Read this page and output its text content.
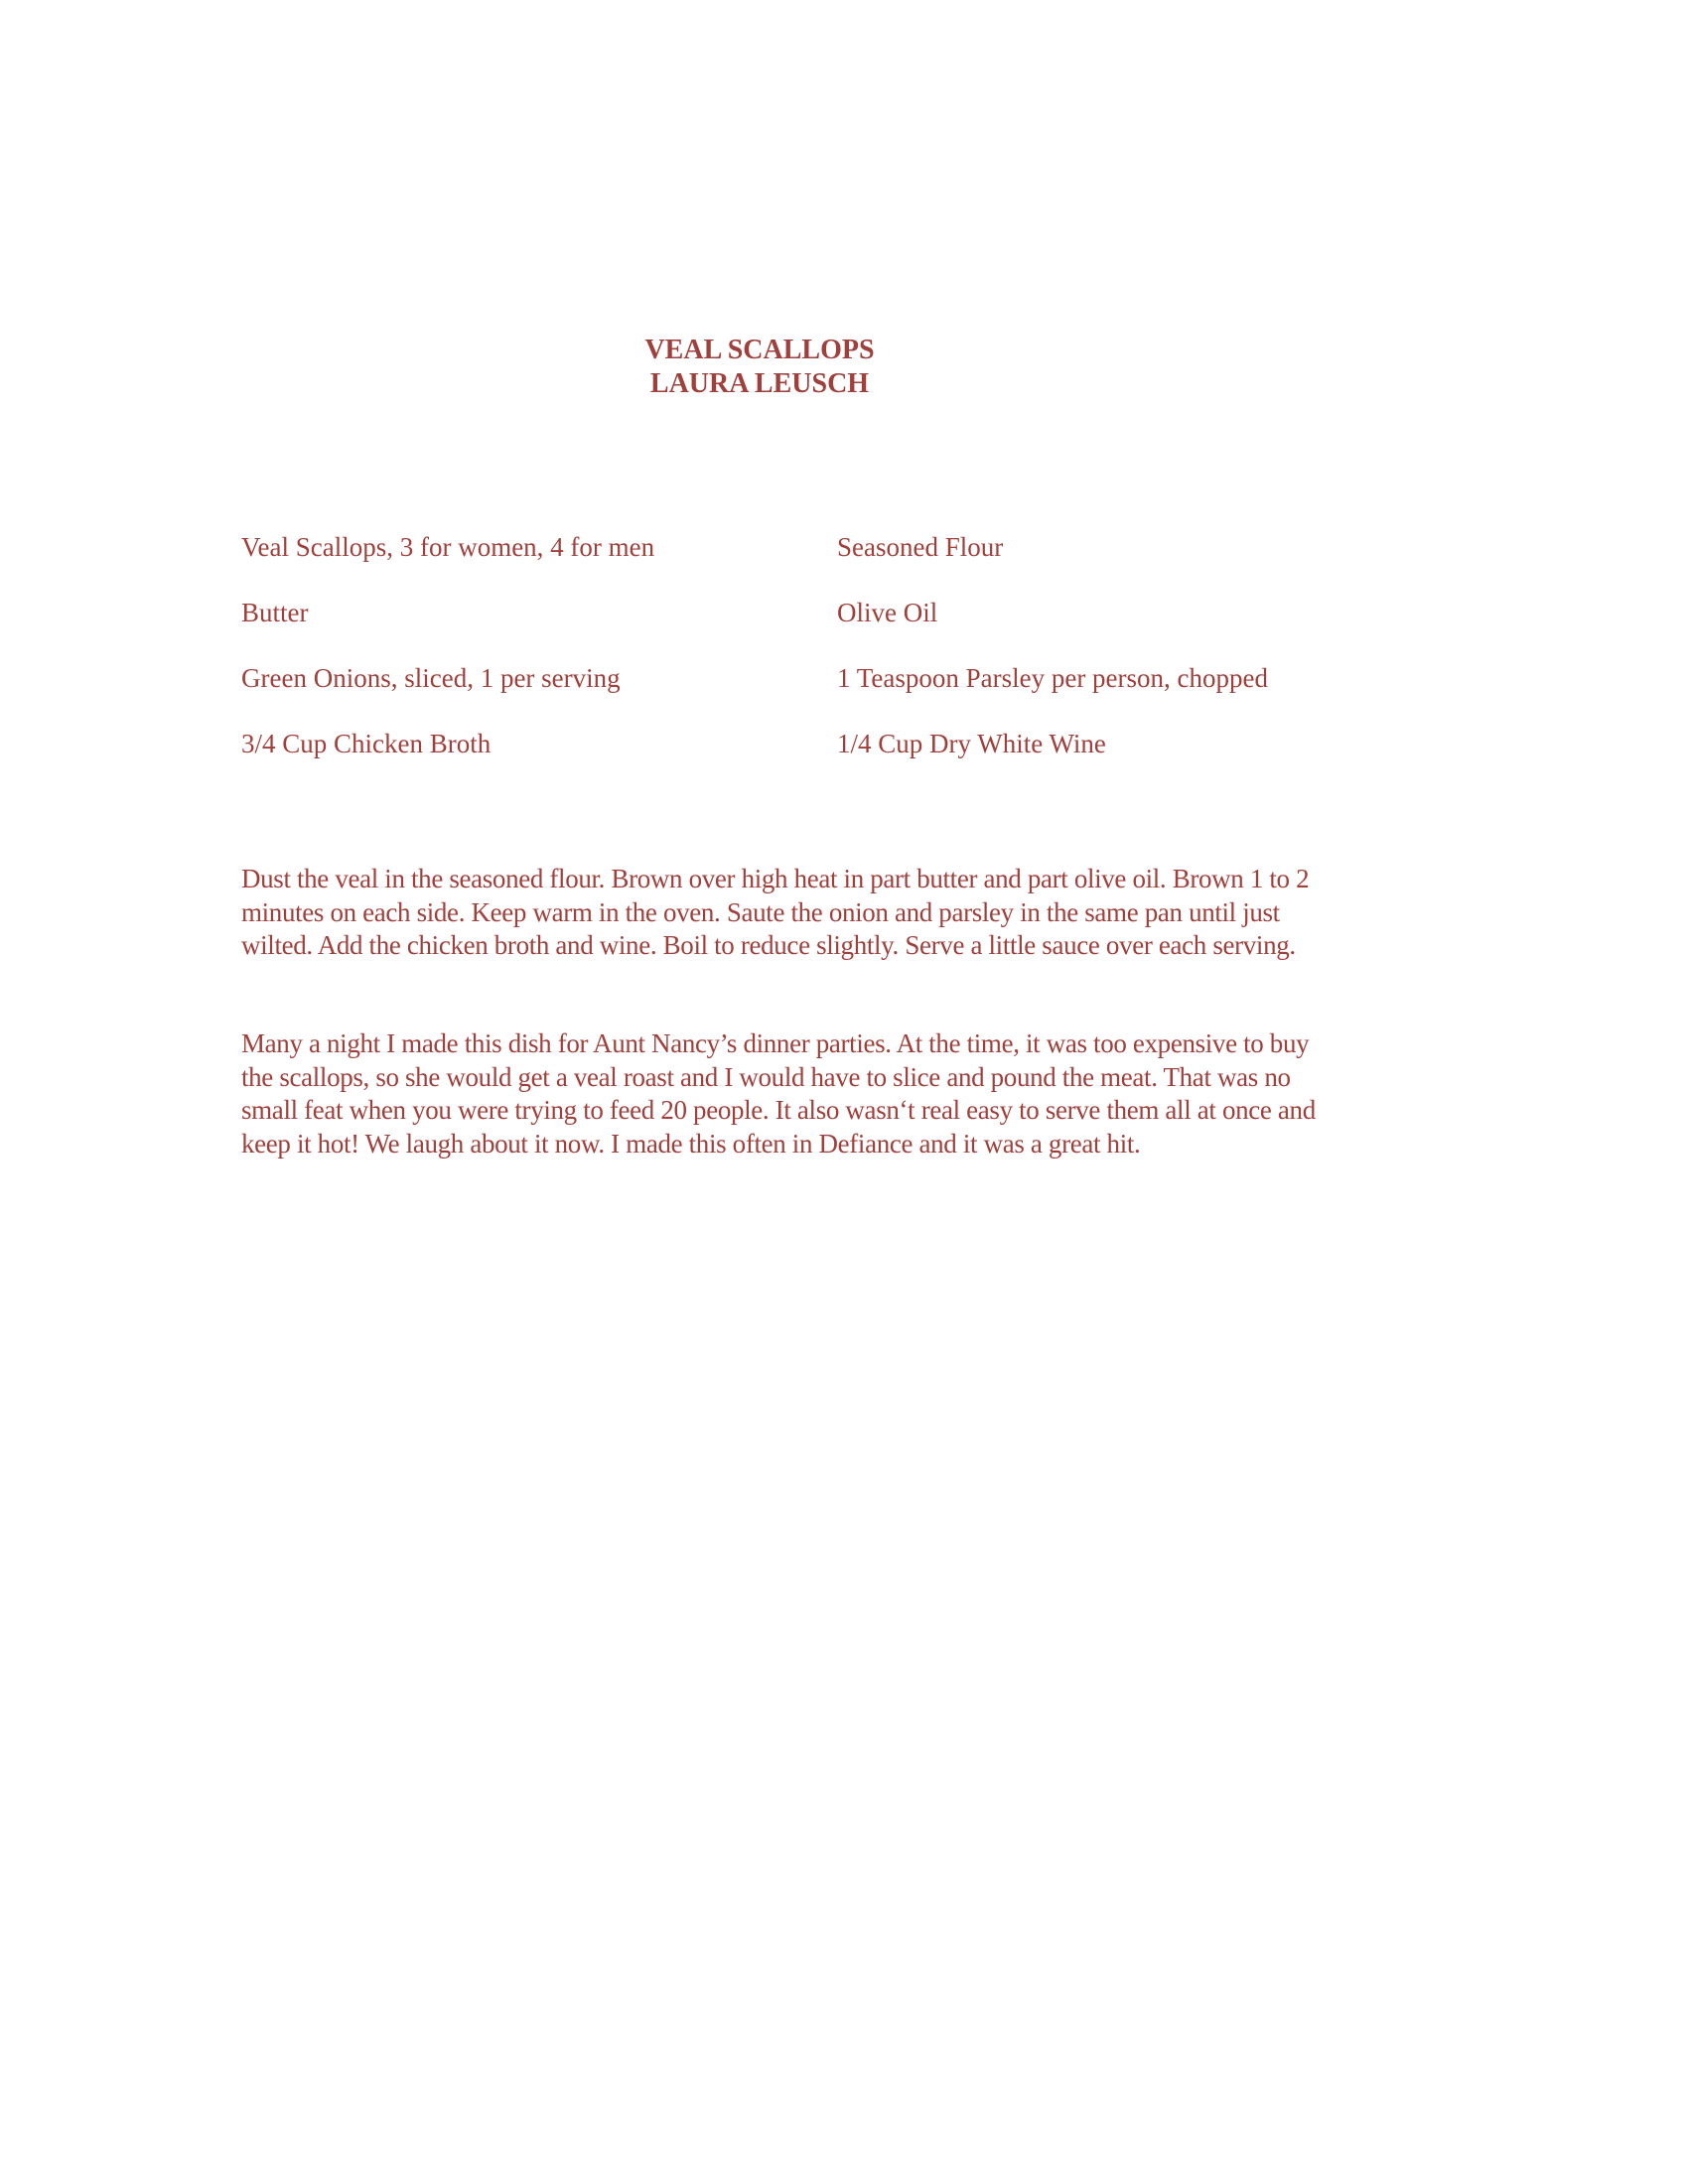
VEAL SCALLOPS
LAURA LEUSCH
Veal Scallops, 3 for women, 4 for men	Seasoned Flour
Butter	Olive Oil
Green Onions, sliced, 1 per serving	1 Teaspoon Parsley per person, chopped
3/4 Cup Chicken Broth	1/4 Cup Dry White Wine
Dust the veal in the seasoned flour. Brown over high heat in part butter and part olive oil. Brown 1 to 2
minutes on each side. Keep warm in the oven. Saute the onion and parsley in the same pan until just
wilted. Add the chicken broth and wine. Boil to reduce slightly. Serve a little sauce over each serving.
Many a night I made this dish for Aunt Nancy’s dinner parties. At the time, it was too expensive to buy
the scallops, so she would get a veal roast and I would have to slice and pound the meat. That was no
small feat when you were trying to feed 20 people. It also wasn‘t real easy to serve them all at once and
keep it hot! We laugh about it now. I made this often in Defiance and it was a great hit.
